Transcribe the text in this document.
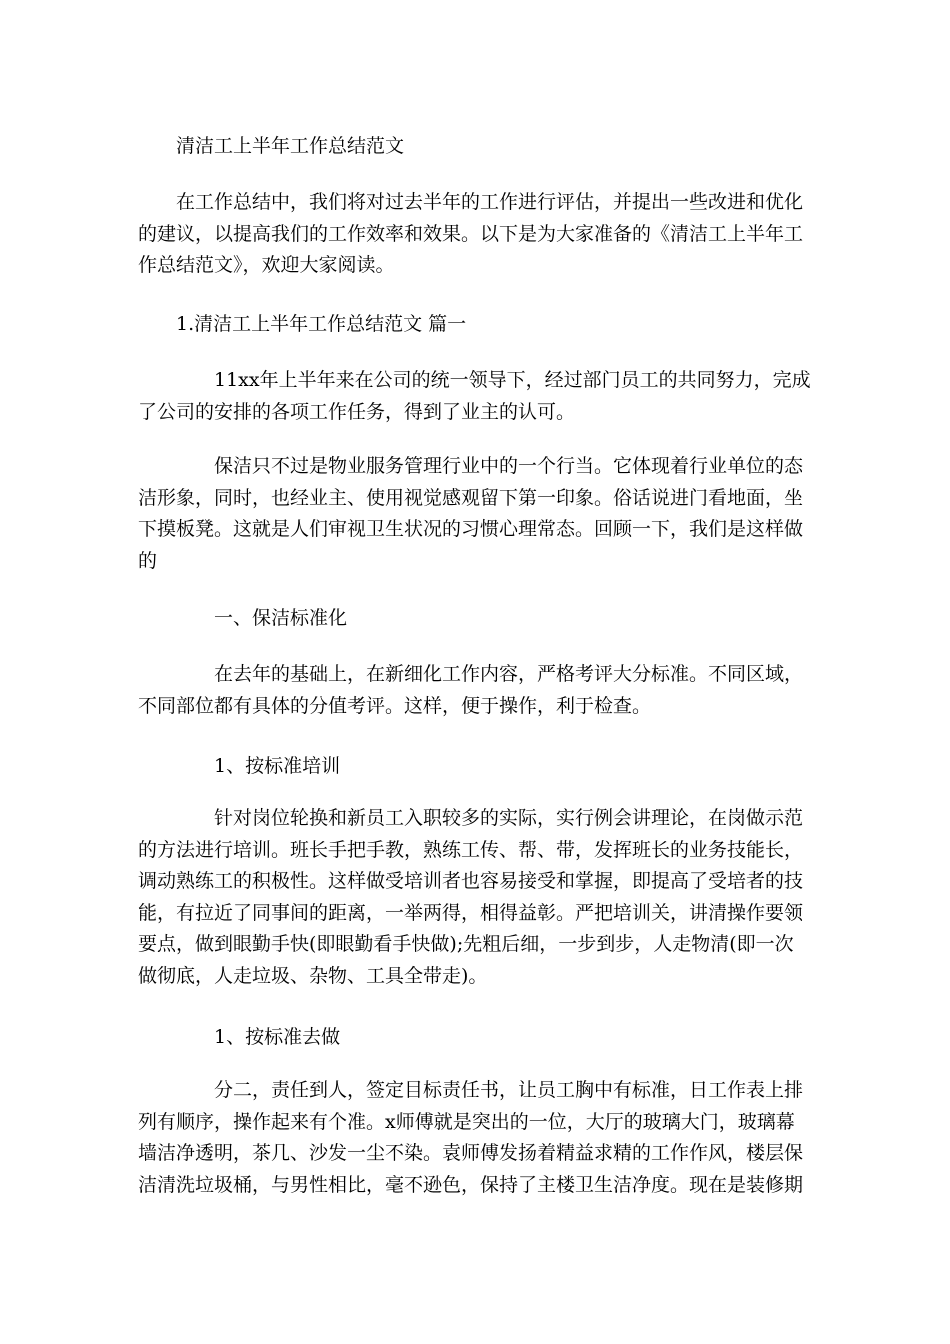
清洁工上半年工作总结范文

在工作总结中，我们将对过去半年的工作进行评估，并提出一些改进和优化的建议，以提高我们的工作效率和效果。以下是为大家准备的《清洁工上半年工作总结范文》，欢迎大家阅读。

1.清洁工上半年工作总结范文 篇一

11xx年上半年来在公司的统一领导下，经过部门员工的共同努力，完成了公司的安排的各项工作任务，得到了业主的认可。

保洁只不过是物业服务管理行业中的一个行当。它体现着行业单位的态洁形象，同时，也经业主、使用视觉感观留下第一印象。俗话说进门看地面，坐下摸板凳。这就是人们审视卫生状况的习惯心理常态。回顾一下，我们是这样做的

一、保洁标准化

在去年的基础上，在新细化工作内容，严格考评大分标准。不同区域，不同部位都有具体的分值考评。这样，便于操作，利于检查。

1、按标准培训

针对岗位轮换和新员工入职较多的实际，实行例会讲理论，在岗做示范的方法进行培训。班长手把手教，熟练工传、帮、带，发挥班长的业务技能长，调动熟练工的积极性。这样做受培训者也容易接受和掌握，即提高了受培者的技能，有拉近了同事间的距离，一举两得，相得益彰。严把培训关，讲清操作要领要点，做到眼勤手快(即眼勤看手快做);先粗后细，一步到步，人走物清(即一次做彻底，人走垃圾、杂物、工具全带走)。

1、按标准去做

分二，责任到人，签定目标责任书，让员工胸中有标准，日工作表上排列有顺序，操作起来有个准。x师傅就是突出的一位，大厅的玻璃大门，玻璃幕墙洁净透明，茶几、沙发一尘不染。袁师傅发扬着精益求精的工作作风，楼层保洁清洗垃圾桶，与男性相比，毫不逊色，保持了主楼卫生洁净度。现在是装修期
